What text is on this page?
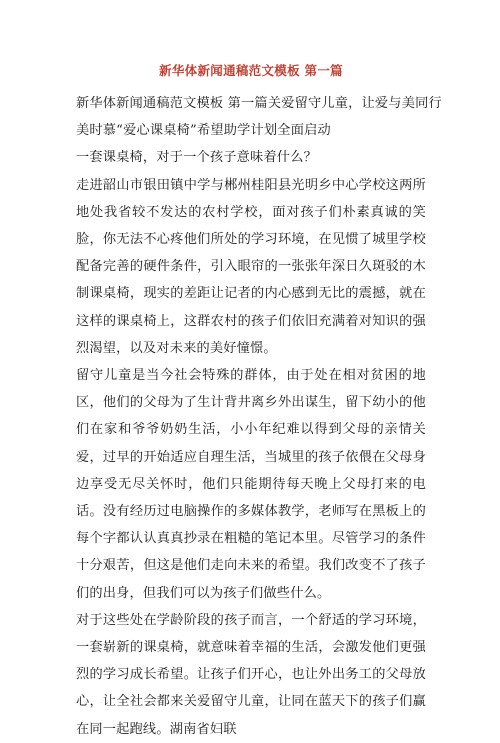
新华体新闻通稿范文模板 第一篇

新华体新闻通稿范文模板 第一篇关爱留守儿童，让爱与美同行

美时慕“爱心课桌椅”希望助学计划全面启动

一套课桌椅，对于一个孩子意味着什么？

走进韶山市银田镇中学与郴州桂阳县光明乡中心学校这两所地处我省较不发达的农村学校，面对孩子们朴素真诚的笑脸，你无法不心疼他们所处的学习环境，在见惯了城里学校配备完善的硬件条件，引入眼帘的一张张年深日久斑驳的木制课桌椅，现实的差距让记者的内心感到无比的震撼，就在这样的课桌椅上，这群农村的孩子们依旧充满着对知识的强烈渴望，以及对未来的美好憧憬。

留守儿童是当今社会特殊的群体，由于处在相对贫困的地区，他们的父母为了生计背井离乡外出谋生，留下幼小的他们在家和爷爷奶奶生活，小小年纪难以得到父母的亲情关爱，过早的开始适应自理生活，当城里的孩子依偎在父母身边享受无尽关怀时，他们只能期待每天晚上父母打来的电话。没有经历过电脑操作的多媒体教学，老师写在黑板上的每个字都认认真真抄录在粗糙的笔记本里。尽管学习的条件十分艰苦，但这是他们走向未来的希望。我们改变不了孩子们的出身，但我们可以为孩子们做些什么。

对于这些处在学龄阶段的孩子而言，一个舒适的学习环境，一套崭新的课桌椅，就意味着幸福的生活，会激发他们更强烈的学习成长希望。让孩子们开心，也让外出务工的父母放心，让全社会都来关爱留守儿童，让同在蓝天下的孩子们赢在同一起跑线。湖南省妇联
